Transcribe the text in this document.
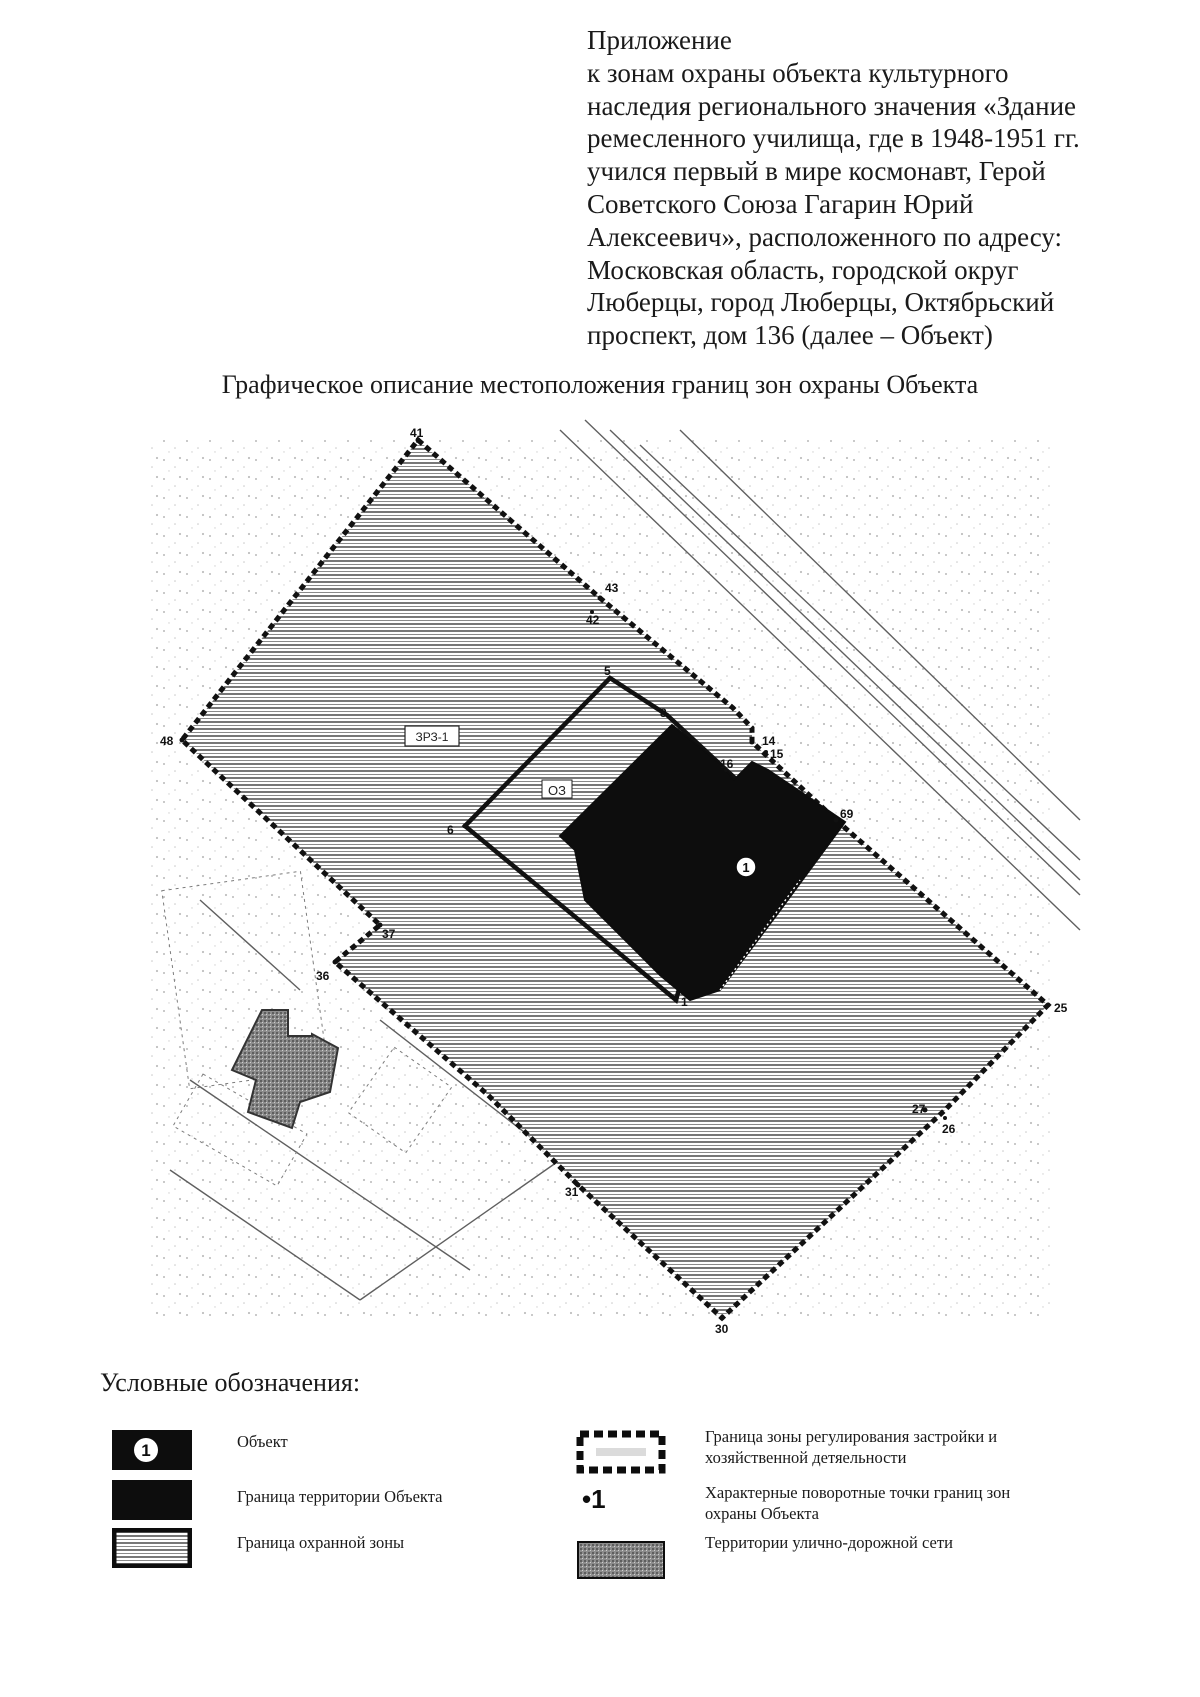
Приложение
к зонам охраны объекта культурного
наследия регионального значения «Здание
ремесленного училища, где в 1948-1951 гг.
учился первый в мире космонавт, Герой
Советского Союза Гагарин Юрий
Алексеевич», расположенного по адресу:
Московская область, городской округ
Люберцы, город Люберцы, Октябрьский
проспект, дом 136 (далее – Объект)
Графическое описание местоположения границ зон охраны Объекта
ЗРЗ-1
ОЗ
1
41
43
42
48
5
8
14
15
16
69
6
37
36
1	25
27
26
31
30
Условные обозначения:
1
•1
Объект
Граница территории Объекта
Граница охранной зоны
Граница зоны регулирования застройки и
хозяйственной детяельности
Характерные поворотные точки границ зон
охраны Объекта
Территории улично-дорожной сети
